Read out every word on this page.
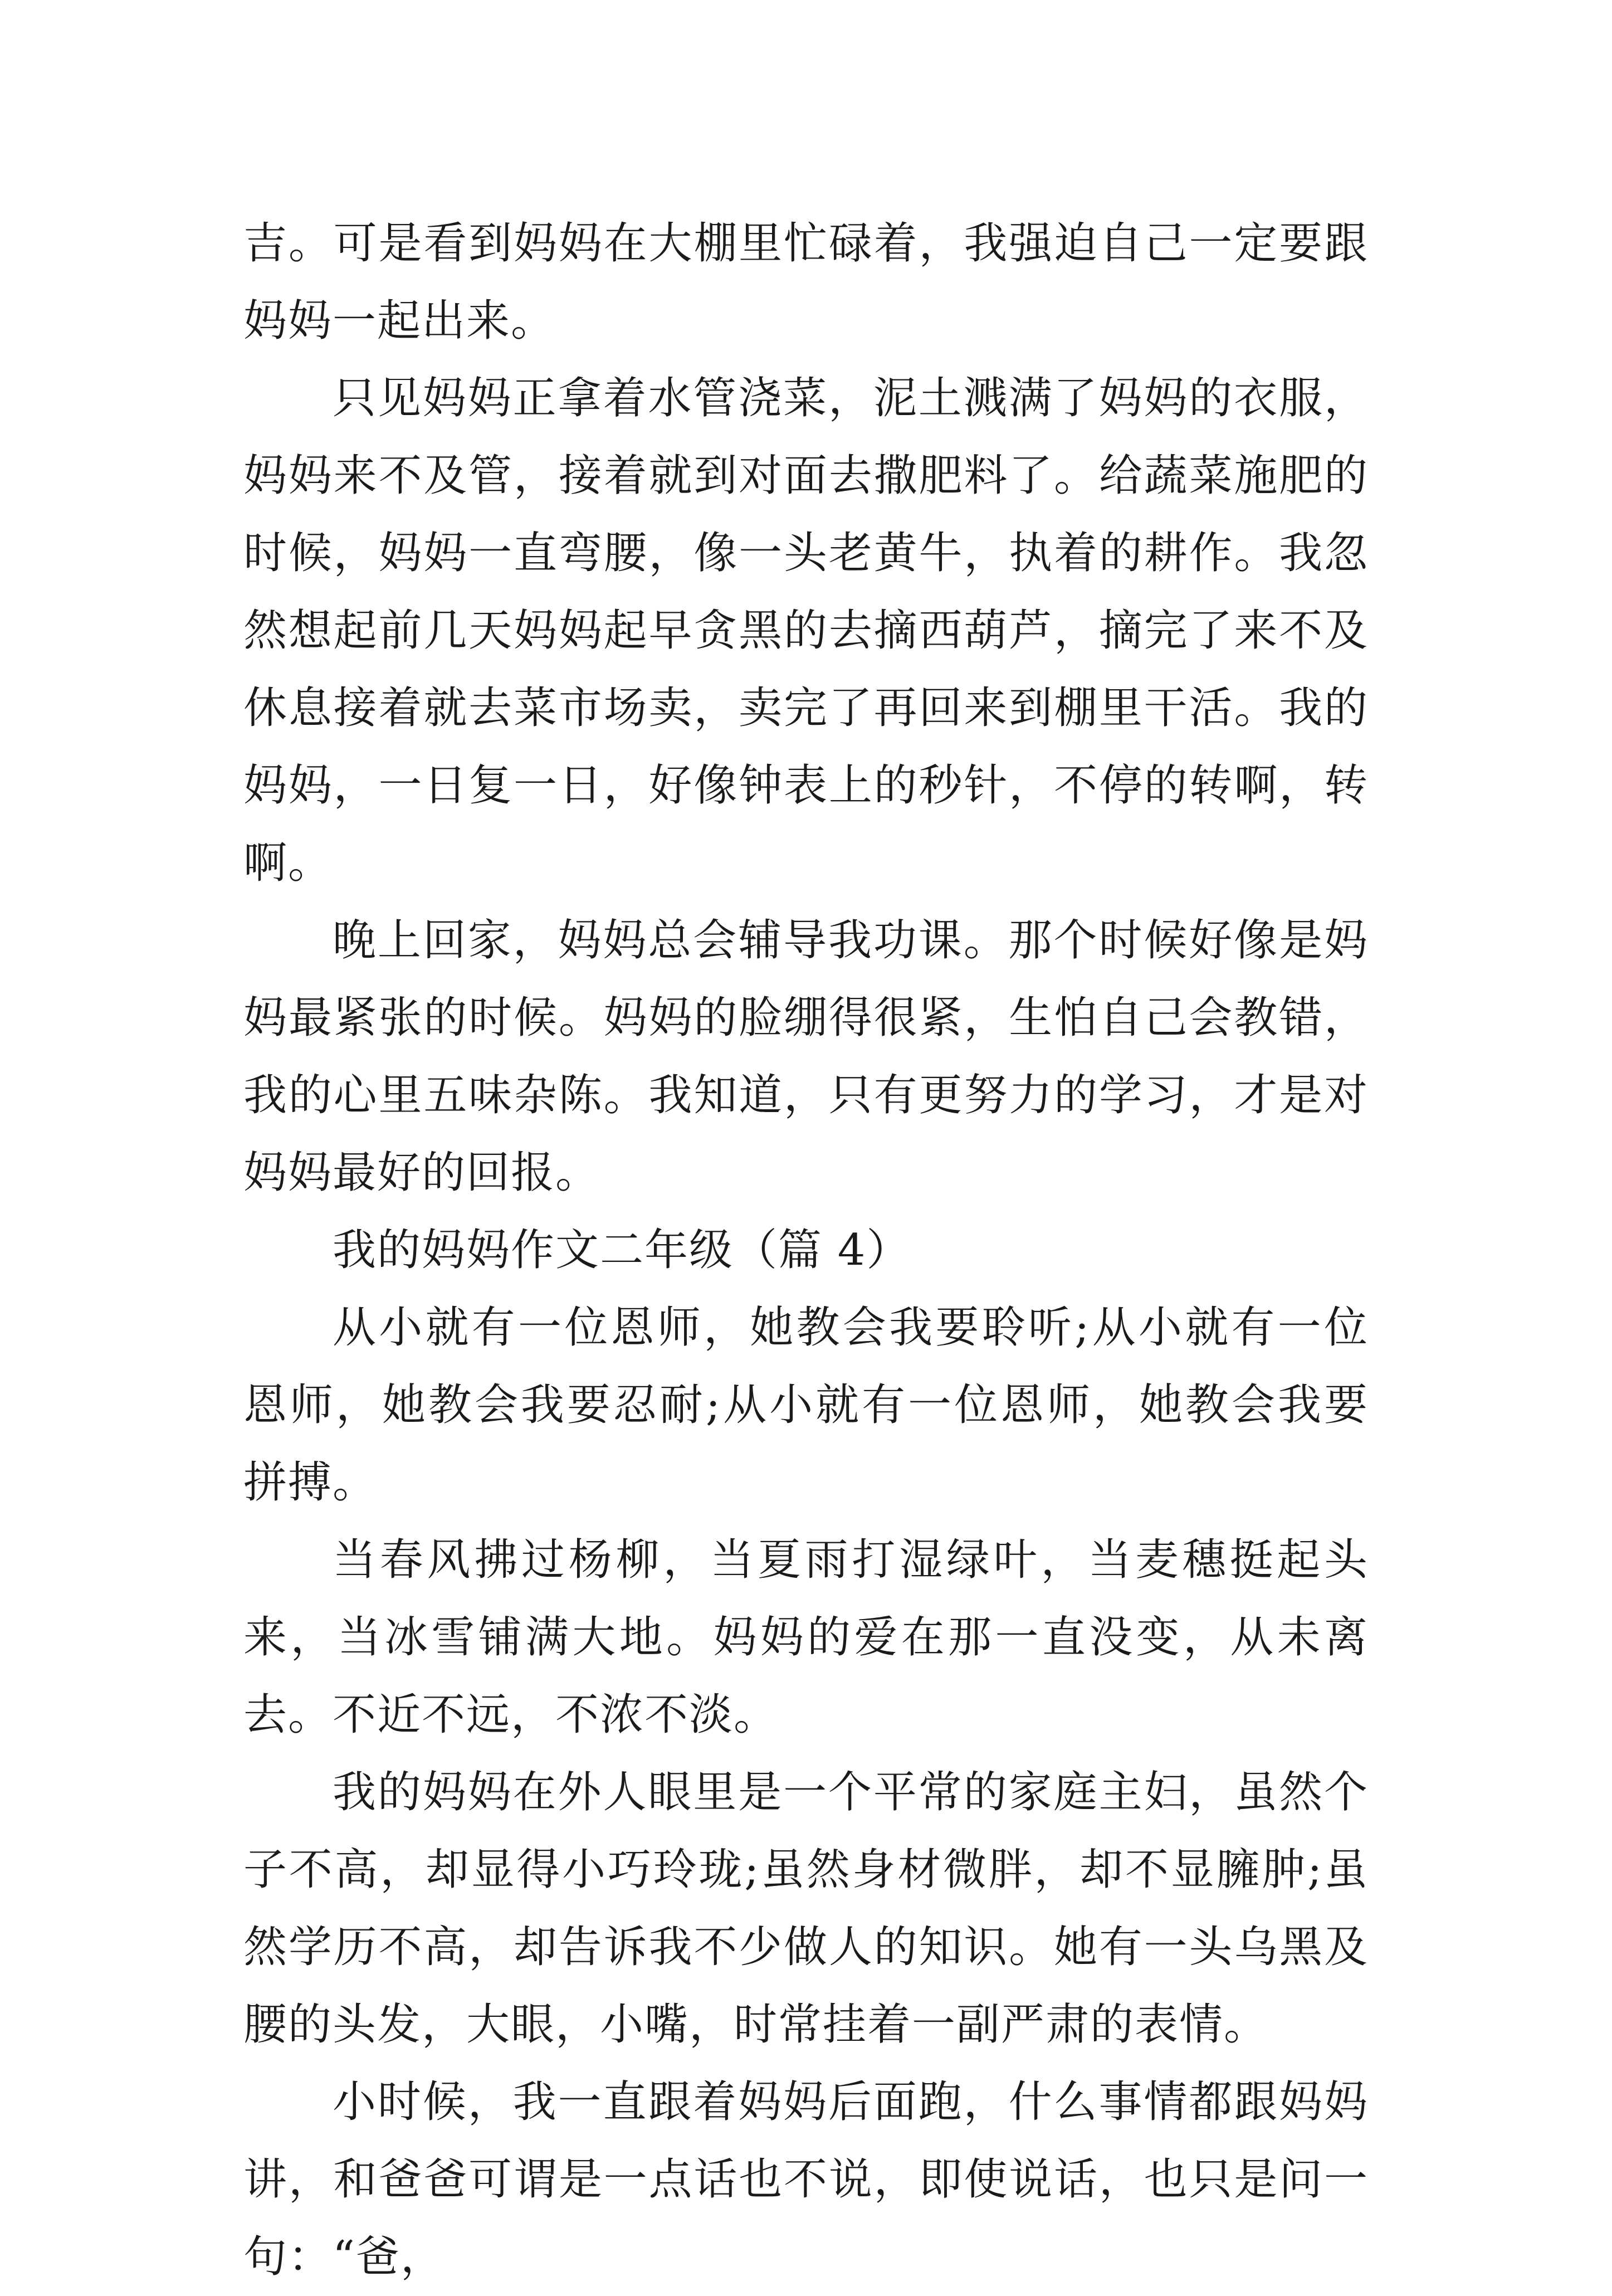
吉。可是看到妈妈在大棚里忙碌着，我强迫自己一定要跟妈妈一起出来。

只见妈妈正拿着水管浇菜，泥土溅满了妈妈的衣服，妈妈来不及管，接着就到对面去撒肥料了。给蔬菜施肥的时候，妈妈一直弯腰，像一头老黄牛，执着的耕作。我忽然想起前几天妈妈起早贪黑的去摘西葫芦，摘完了来不及休息接着就去菜市场卖，卖完了再回来到棚里干活。我的妈妈，一日复一日，好像钟表上的秒针，不停的转啊，转啊。

晚上回家，妈妈总会辅导我功课。那个时候好像是妈妈最紧张的时候。妈妈的脸绷得很紧，生怕自己会教错，我的心里五味杂陈。我知道，只有更努力的学习，才是对妈妈最好的回报。

我的妈妈作文二年级（篇 4）

从小就有一位恩师，她教会我要聆听;从小就有一位恩师，她教会我要忍耐;从小就有一位恩师，她教会我要拼搏。

当春风拂过杨柳，当夏雨打湿绿叶，当麦穗挺起头来，当冰雪铺满大地。妈妈的爱在那一直没变，从未离去。不近不远，不浓不淡。

我的妈妈在外人眼里是一个平常的家庭主妇，虽然个子不高，却显得小巧玲珑;虽然身材微胖，却不显臃肿;虽然学历不高，却告诉我不少做人的知识。她有一头乌黑及腰的头发，大眼，小嘴，时常挂着一副严肃的表情。

小时候，我一直跟着妈妈后面跑，什么事情都跟妈妈讲，和爸爸可谓是一点话也不说，即使说话，也只是问一句：“爸，
